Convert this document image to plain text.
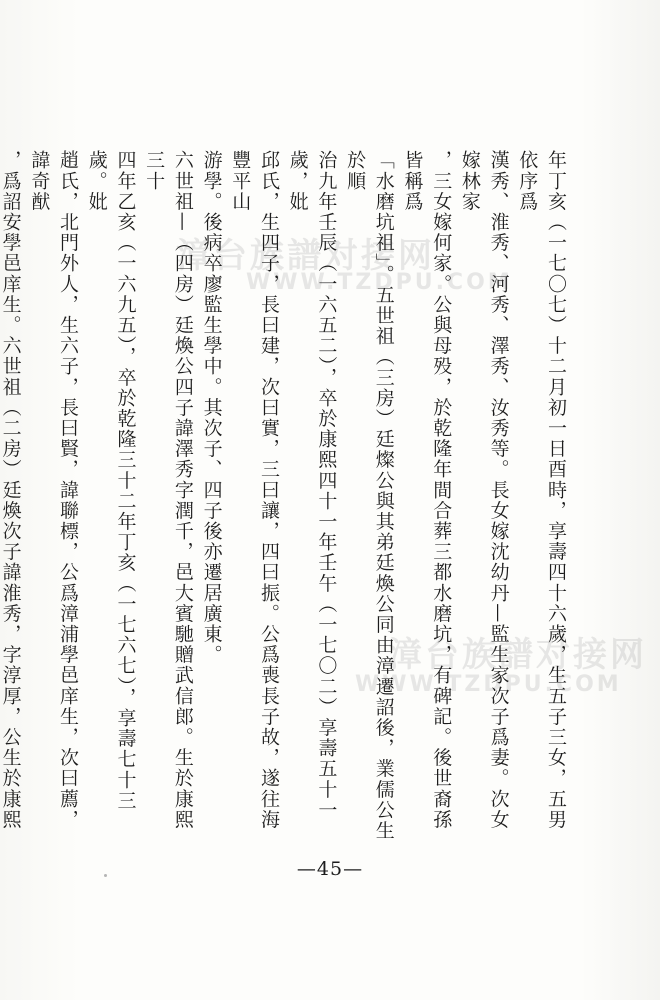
漳台族譜对接网
WWW.TZDPU.COM
漳台族譜对接网
WWW.TZDPU.COM

年丁亥（一七〇七）十二月初一日酉時，享壽四十六歲，生五子三女，五男依序爲

漢秀、淮秀、河秀、澤秀、汝秀等。長女嫁沈幼丹—監生家次子爲妻。次女嫁林家

，三女嫁何家。公與母殁，於乾隆年間合葬三都水磨坑，有碑記。後世裔孫皆稱爲

「水磨坑祖」。五世祖（三房）廷燦公與其弟廷煥公同由漳遷詔後，業儒公生於順

治九年壬辰（一六五二），卒於康熙四十一年壬午（一七〇二）享壽五十一歲，妣

邱氏，生四子，長曰建，次曰實，三曰讓，四曰振。公爲喪長子故，遂往海豐平山

游學。後病卒廖監生學中。其次子、四子後亦遷居廣東。

六世祖—（四房）廷煥公四子諱澤秀字潤千，邑大賓馳贈武信郎。生於康熙三十

四年乙亥（一六九五），卒於乾隆三十二年丁亥（一七六七），享壽七十三歲。妣

趙氏，北門外人，生六子，長曰賢，諱聯標，公爲漳浦學邑庠生，次曰薦，諱奇猷

，爲詔安學邑庠生。六世祖（二房）廷煥次子諱淮秀，字淳厚，公生於康熙

—45—
